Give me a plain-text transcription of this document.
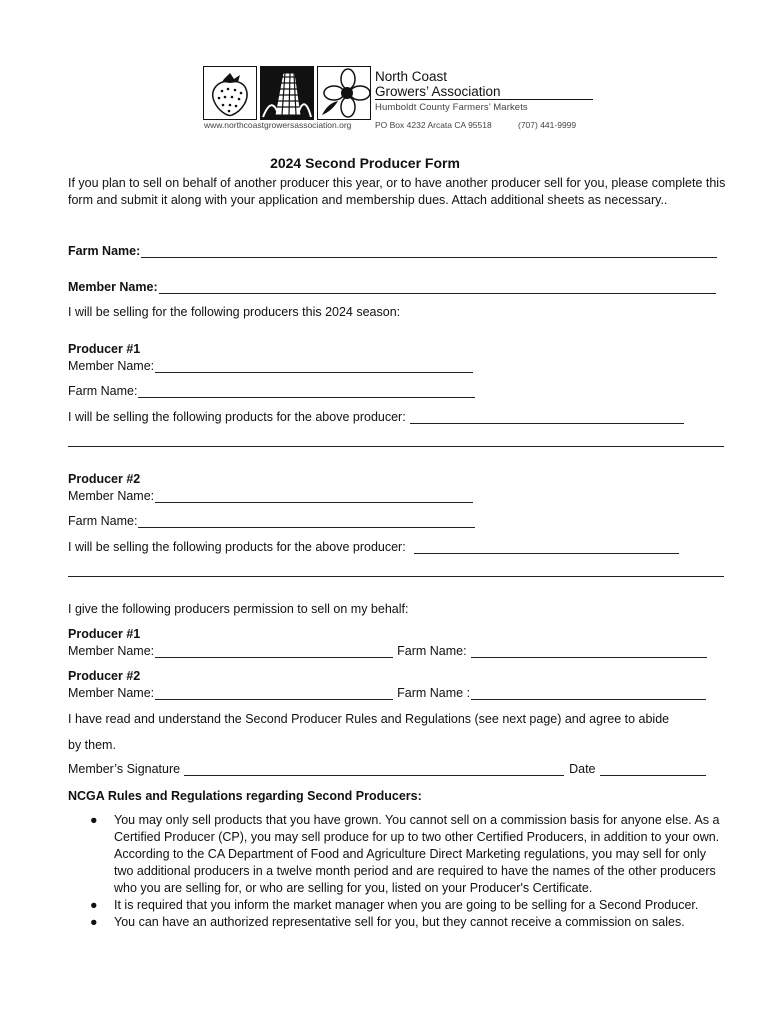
North Coast
Growers’ Association
Humboldt County Farmers’ Markets
www.northcoastgrowersassociation.org	PO Box 4232 Arcata CA 95518	(707) 441-9999
2024 Second Producer Form
If you plan to sell on behalf of another producer this year, or to have another producer sell for you, please complete this form and submit it along with your application and membership dues. Attach additional sheets as necessary..
Farm Name:
Member Name:
I will be selling for the following producers this 2024 season:
Producer #1
Member Name:
Farm Name:
I will be selling the following products for the above producer:
Producer #2
Member Name:
Farm Name:
I will be selling the following products for the above producer:
I give the following producers permission to sell on my behalf:
Producer #1
Member Name:	Farm Name:
Producer #2
Member Name:	Farm Name :
I have read and understand the Second Producer Rules and Regulations (see next page) and agree to abide
by them.
Member’s Signature	Date
NCGA Rules and Regulations regarding Second Producers:
● You may only sell products that you have grown. You cannot sell on a commission basis for anyone else. As a Certified Producer (CP), you may sell produce for up to two other Certified Producers, in addition to your own. According to the CA Department of Food and Agriculture Direct Marketing regulations, you may sell for only two additional producers in a twelve month period and are required to have the names of the other producers who you are selling for, or who are selling for you, listed on your Producer's Certificate.
● It is required that you inform the market manager when you are going to be selling for a Second Producer.
● You can have an authorized representative sell for you, but they cannot receive a commission on sales.
